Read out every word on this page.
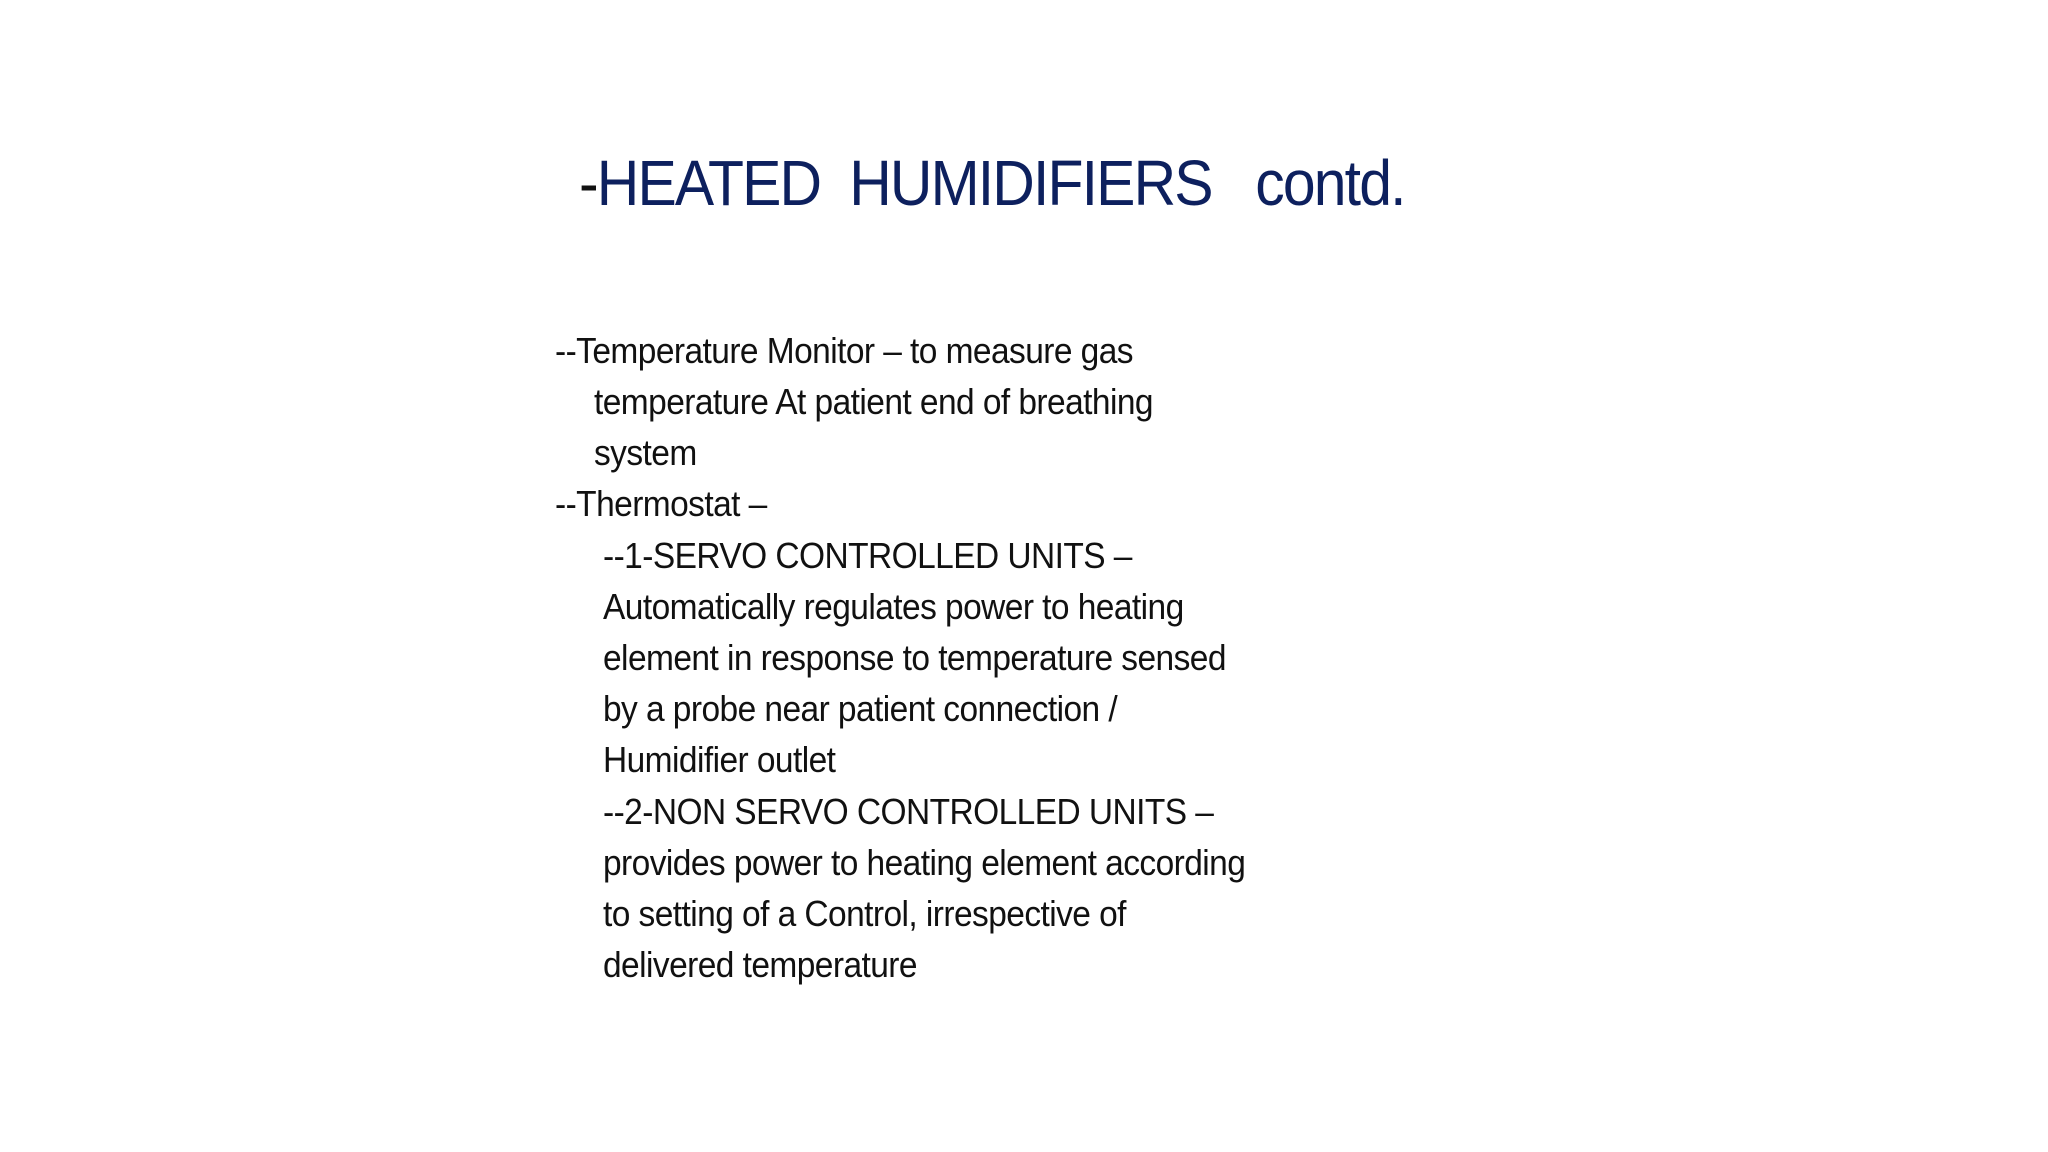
-HEATED  HUMIDIFIERS   contd.
--Temperature Monitor – to measure gas
temperature At patient end of breathing
system
--Thermostat –
--1-SERVO CONTROLLED UNITS –
Automatically regulates power to heating
element in response to temperature sensed
by a probe near patient connection /
Humidifier outlet
--2-NON SERVO CONTROLLED UNITS –
provides power to heating element according
to setting of a Control, irrespective of
delivered temperature
